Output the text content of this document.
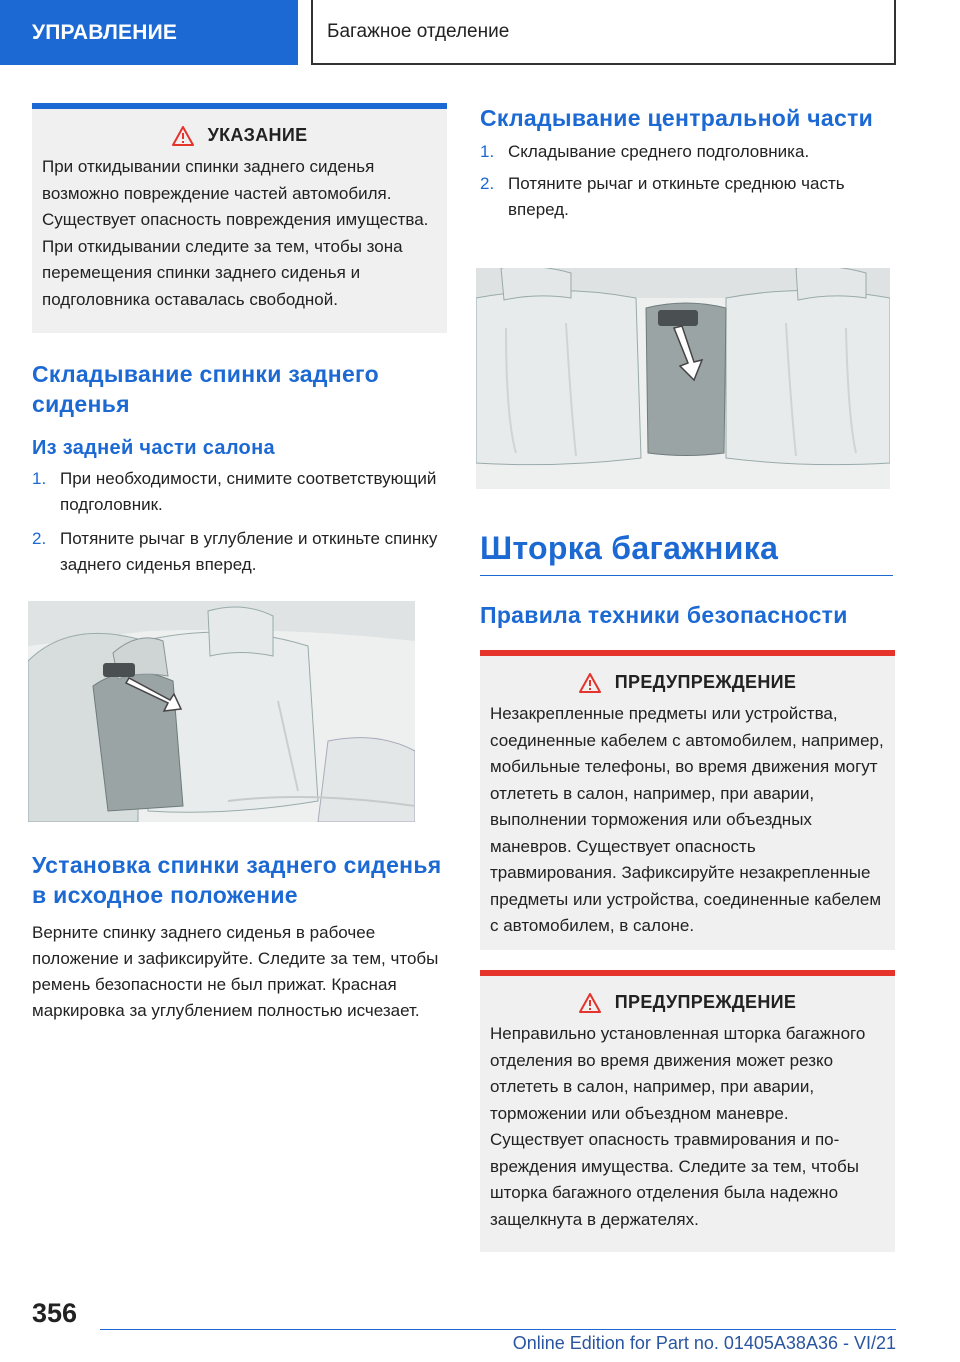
УПРАВЛЕНИЕ	Багажное отделение
УКАЗАНИЕ
При откидывании спинки заднего сиденья возможно повреждение частей автомобиля. Существует опасность повреждения имущества. При откидывании следите за тем, чтобы зона перемещения спинки заднего сиденья и подголовника оставалась свободной.
Складывание спинки заднего сиденья
Из задней части салона
1. При необходимости, снимите соответствующий подголовник.
2. Потяните рычаг в углубление и откиньте спинку заднего сиденья вперед.
Установка спинки заднего сиденья в исходное положение

Верните спинку заднего сиденья в рабочее положение и зафиксируйте. Следите за тем, чтобы ремень безопасности не был прижат. Красная маркировка за углублением полностью исчезает.

Складывание центральной части
1. Складывание среднего подголовника.
2. Потяните рычаг и откиньте среднюю часть вперед.
Шторка багажника
Правила техники безопасности
ПРЕДУПРЕЖДЕНИЕ
Незакрепленные предметы или устройства, соединенные кабелем с автомобилем, например, мобильные телефоны, во время движения могут отлететь в салон, например, при аварии, выполнении торможения или объездных маневров. Существует опасность травмирования. Зафиксируйте незакрепленные предметы или устройства, соединенные кабелем с автомобилем, в салоне.
ПРЕДУПРЕЖДЕНИЕ
Неправильно установленная шторка багажного отделения во время движения может резко отлететь в салон, например, при аварии, торможении или объездном маневре. Существует опасность травмирования и повреждения имущества. Следите за тем, чтобы шторка багажного отделения была надежно защелкнута в держателях.
356
Online Edition for Part no. 01405A38A36 - VI/21
